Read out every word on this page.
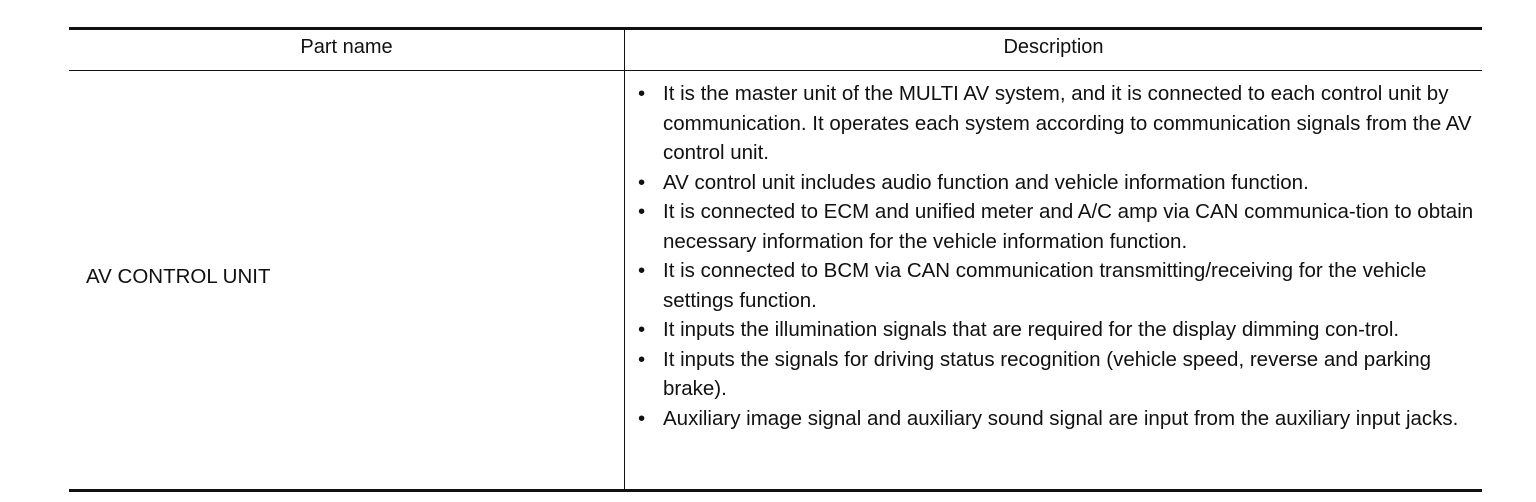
Part name	Description
AV CONTROL UNIT
• It is the master unit of the MULTI AV system, and it is connected to each control unit by communication. It operates each system according to communication signals from the AV control unit.
• AV control unit includes audio function and vehicle information function.
• It is connected to ECM and unified meter and A/C amp via CAN communica-tion to obtain necessary information for the vehicle information function.
• It is connected to BCM via CAN communication transmitting/receiving for the vehicle settings function.
• It inputs the illumination signals that are required for the display dimming con-trol.
• It inputs the signals for driving status recognition (vehicle speed, reverse and parking brake).
• Auxiliary image signal and auxiliary sound signal are input from the auxiliary input jacks.
